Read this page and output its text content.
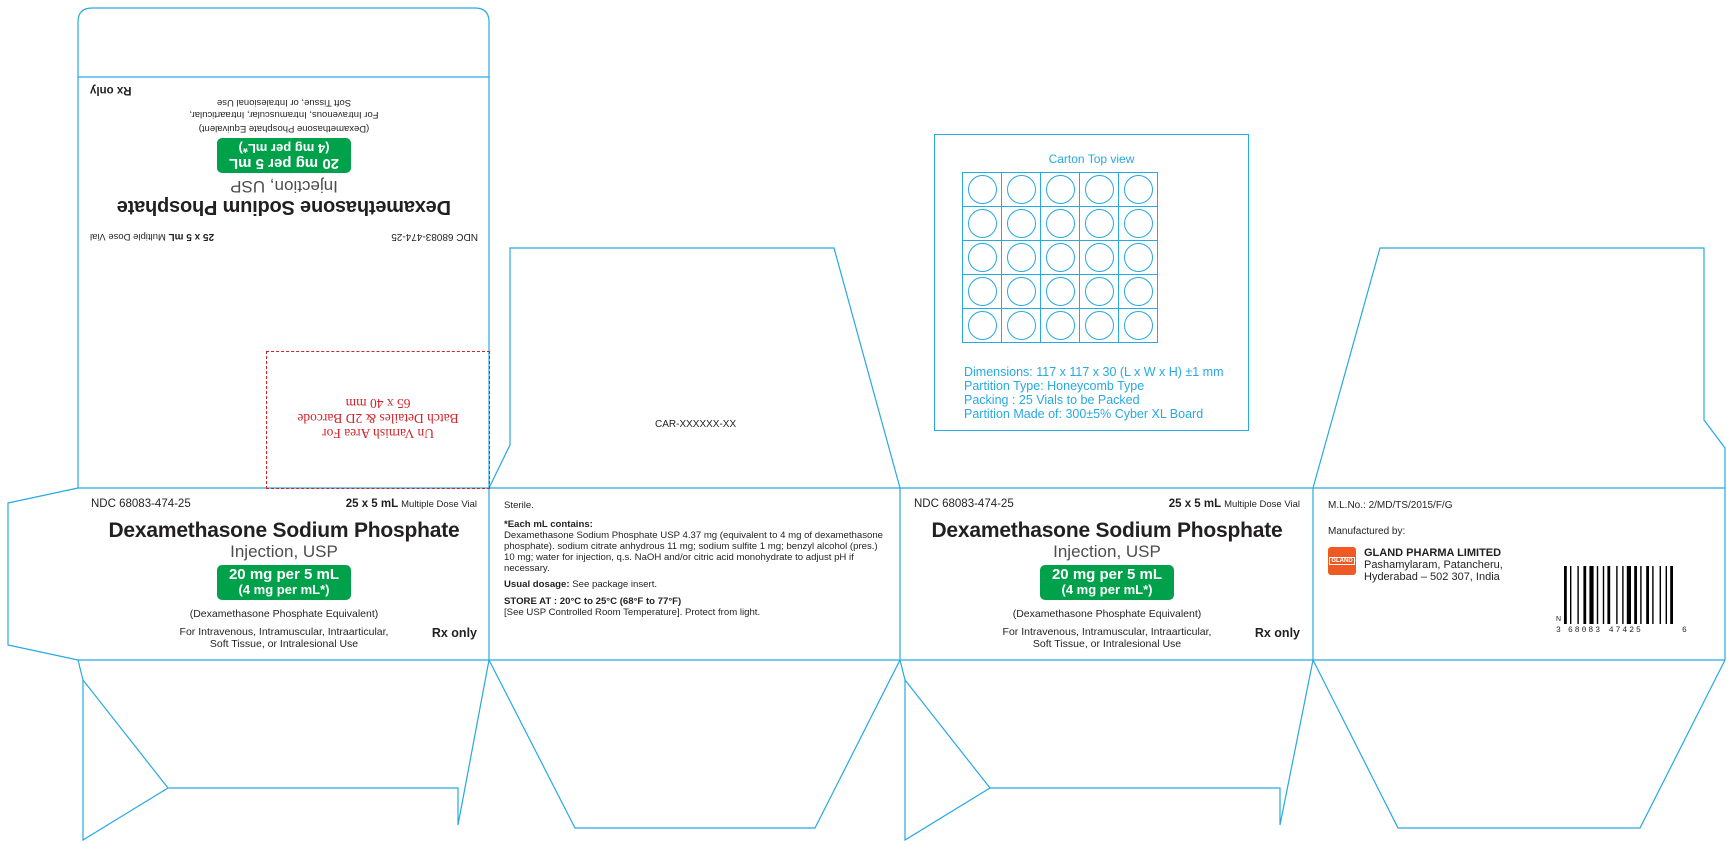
NDC 68083-474-25
25 x 5 mL Multiple Dose Vial
Dexamethasone Sodium Phosphate
Injection, USP
20 mg per 5 mL
(4 mg per mL*)
(Dexamethasone Phosphate Equivalent)
For Intravenous, Intramuscular, Intraarticular,
Soft Tissue, or Intralesional Use
Rx only
Un Varnish Area For
Batch Detailes & 2D Barcode
65 x 40 mm
NDC 68083-474-25	25 x 5 mL Multiple Dose Vial
Dexamethasone Sodium Phosphate
Injection, USP
20 mg per 5 mL
(4 mg per mL*)
(Dexamethasone Phosphate Equivalent)
For Intravenous, Intramuscular, Intraarticular,
Soft Tissue, or Intralesional Use
Rx only

Sterile.

*Each mL contains:
Dexamethasone Sodium Phosphate USP 4.37 mg (equivalent to 4 mg of dexamethasone phosphate). sodium citrate anhydrous 11 mg; sodium sulfite 1 mg; benzyl alcohol (pres.) 10 mg; water for injection, q.s. NaOH and/or citric acid monohydrate to adjust pH if necessary.

Usual dosage: See package insert.

STORE AT : 20°C to 25°C (68°F to 77°F)
[See USP Controlled Room Temperature]. Protect from light.

CAR-XXXXXX-XX
Carton Top view

Dimensions: 117 x 117 x 30 (L x W x H) ±1 mm
Partition Type: Honeycomb Type
Packing : 25 Vials to be Packed
Partition Made of: 300±5% Cyber XL Board
NDC 68083-474-25	25 x 5 mL Multiple Dose Vial
Dexamethasone Sodium Phosphate
Injection, USP
20 mg per 5 mL
(4 mg per mL*)
(Dexamethasone Phosphate Equivalent)
For Intravenous, Intramuscular, Intraarticular,
Soft Tissue, or Intralesional Use
Rx only
M.L.No.: 2/MD/TS/2015/F/G
Manufactured by:
GLAND
GLAND PHARMA LIMITED
Pashamylaram, Patancheru,
Hyderabad – 502 307, India
N
3 68083 47425	6
